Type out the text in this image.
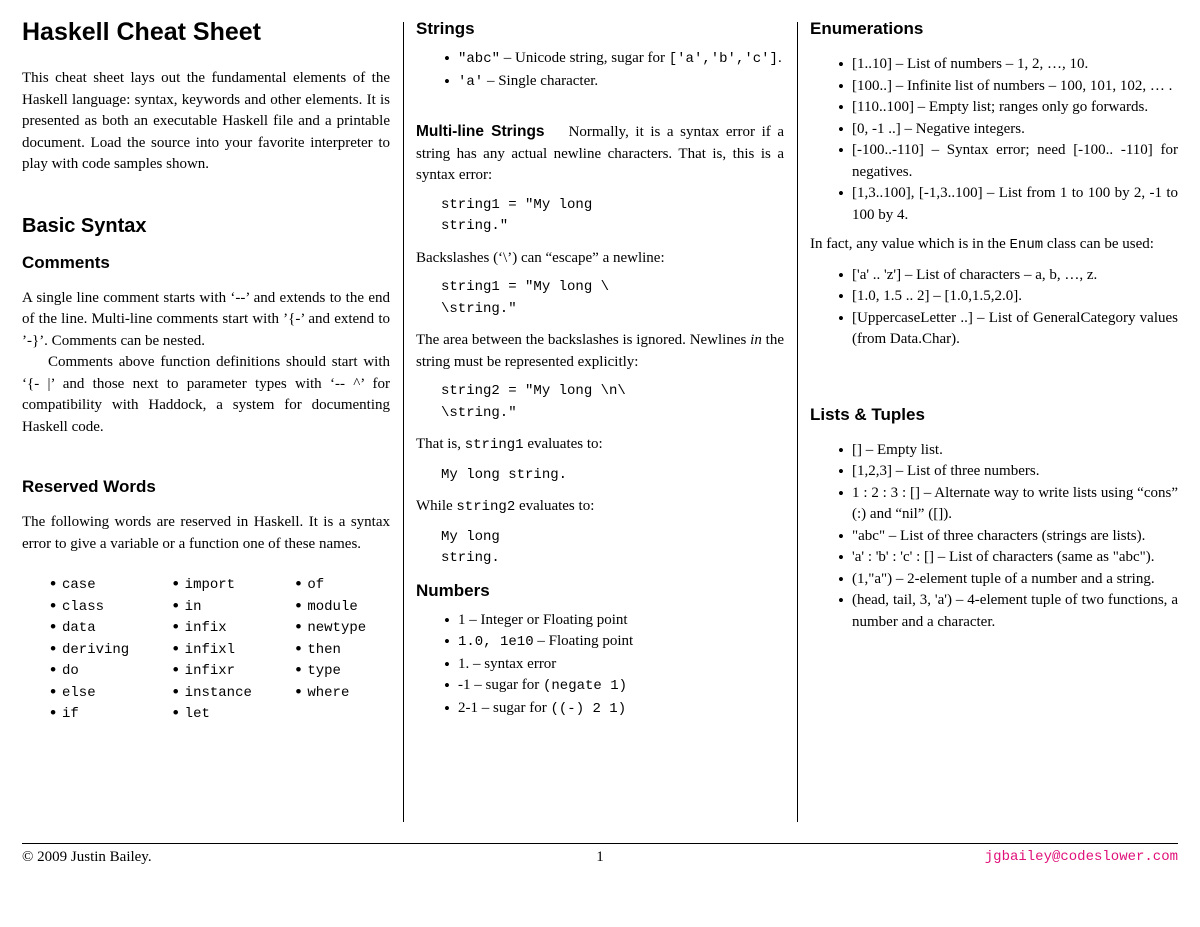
Haskell Cheat Sheet

This cheat sheet lays out the fundamental elements of the Haskell language: syntax, keywords and other elements. It is presented as both an executable Haskell file and a printable document. Load the source into your favorite interpreter to play with code samples shown.

Basic Syntax
Comments

A single line comment starts with ‘--’ and extends to the end of the line. Multi-line comments start with ’{-’ and extend to ’-}’. Comments can be nested.

Comments above function definitions should start with ‘{- |’ and those next to parameter types with ‘-- ^’ for compatibility with Haddock, a system for documenting Haskell code.

Reserved Words

The following words are reserved in Haskell. It is a syntax error to give a variable or a function one of these names.

• case
• class
• data
• deriving
• do
• else
• if
• import
• in
• infix
• infixl
• infixr
• instance
• let
• of
• module
• newtype
• then
• type
• where
Strings
• "abc" – Unicode string, sugar for ['a','b','c'].
• 'a' – Single character.

Multi-line Strings Normally, it is a syntax error if a string has any actual newline characters. That is, this is a syntax error:

string1 = "My long
string."

Backslashes (‘\’) can “escape” a newline:

string1 = "My long \
\string."

The area between the backslashes is ignored. Newlines in the string must be represented explicitly:

string2 = "My long \n\
\string."

That is, string1 evaluates to:

My long string.

While string2 evaluates to:

My long
string.
Numbers
• 1 – Integer or Floating point
• 1.0, 1e10 – Floating point
• 1. – syntax error
• -1 – sugar for (negate 1)
• 2-1 – sugar for ((-) 2 1)
Enumerations
• [1..10] – List of numbers – 1, 2, …, 10.
• [100..] – Infinite list of numbers – 100, 101, 102, … .
• [110..100] – Empty list; ranges only go forwards.
• [0, -1 ..] – Negative integers.
• [-100..-110] – Syntax error; need [-100.. -110] for negatives.
• [1,3..100], [-1,3..100] – List from 1 to 100 by 2, -1 to 100 by 4.

In fact, any value which is in the Enum class can be used:

• ['a' .. 'z'] – List of characters – a, b, …, z.
• [1.0, 1.5 .. 2] – [1.0,1.5,2.0].
• [UppercaseLetter ..] – List of GeneralCategory values (from Data.Char).
Lists & Tuples
• [] – Empty list.
• [1,2,3] – List of three numbers.
• 1 : 2 : 3 : [] – Alternate way to write lists using “cons” (:) and “nil” ([]).
• "abc" – List of three characters (strings are lists).
• 'a' : 'b' : 'c' : [] – List of characters (same as "abc").
• (1,"a") – 2-element tuple of a number and a string.
• (head, tail, 3, 'a') – 4-element tuple of two functions, a number and a character.
1
© 2009 Justin Bailey.	jgbailey@codeslower.com
